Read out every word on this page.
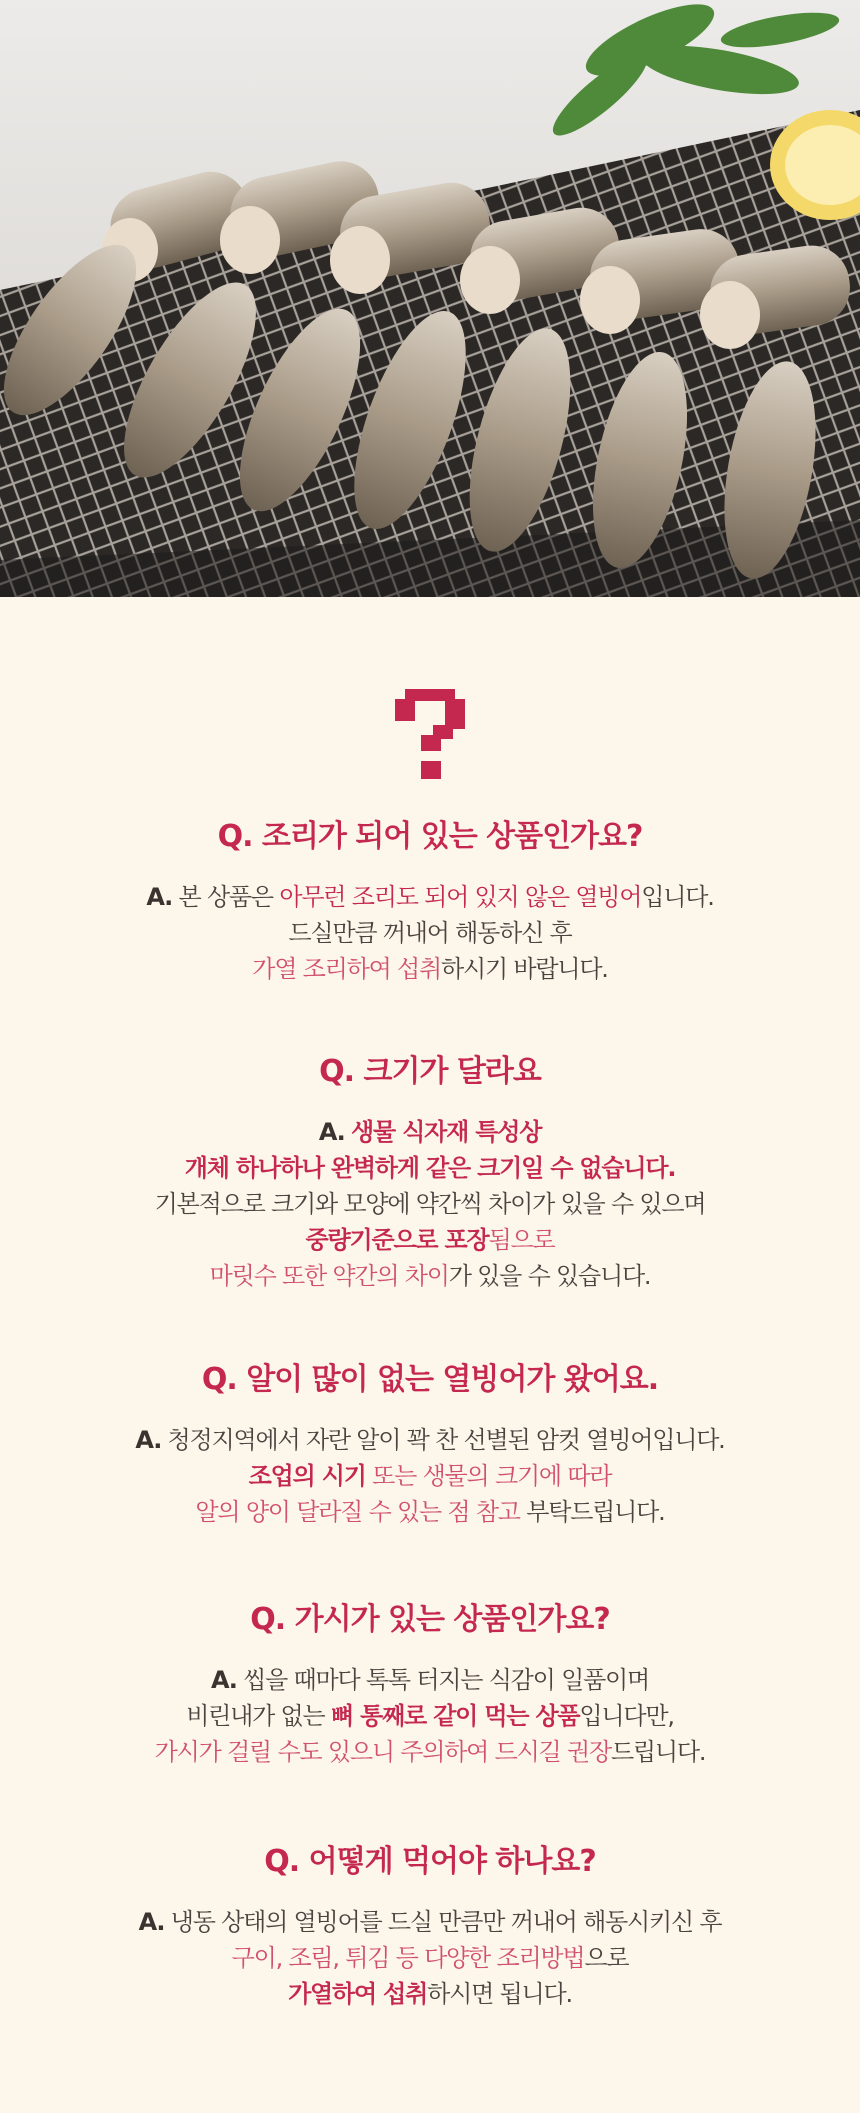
Q. 조리가 되어 있는 상품인가요?
A. 본 상품은 아무런 조리도 되어 있지 않은 열빙어입니다.
드실만큼 꺼내어 해동하신 후
가열 조리하여 섭취하시기 바랍니다.
Q. 크기가 달라요
A. 생물 식자재 특성상
개체 하나하나 완벽하게 같은 크기일 수 없습니다.
기본적으로 크기와 모양에 약간씩 차이가 있을 수 있으며
중량기준으로 포장됨으로
마릿수 또한 약간의 차이가 있을 수 있습니다.
Q. 알이 많이 없는 열빙어가 왔어요.
A. 청정지역에서 자란 알이 꽉 찬 선별된 암컷 열빙어입니다.
조업의 시기 또는 생물의 크기에 따라
알의 양이 달라질 수 있는 점 참고 부탁드립니다.
Q. 가시가 있는 상품인가요?
A. 씹을 때마다 톡톡 터지는 식감이 일품이며
비린내가 없는 뼈 통째로 같이 먹는 상품입니다만,
가시가 걸릴 수도 있으니 주의하여 드시길 권장드립니다.
Q. 어떻게 먹어야 하나요?
A. 냉동 상태의 열빙어를 드실 만큼만 꺼내어 해동시키신 후
구이, 조림, 튀김 등 다양한 조리방법으로
가열하여 섭취하시면 됩니다.
